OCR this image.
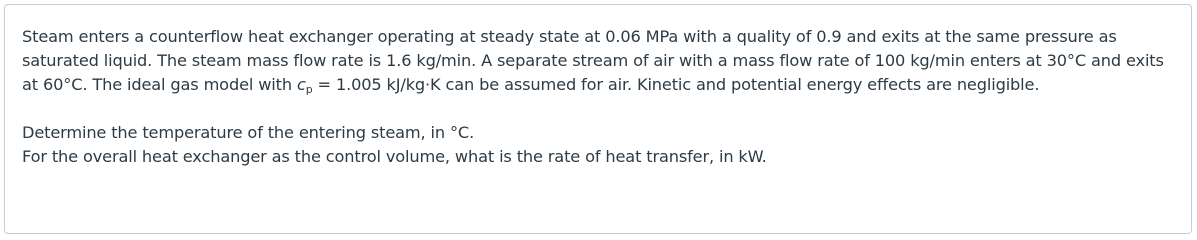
Steam enters a counterflow heat exchanger operating at steady state at 0.06 MPa with a quality of 0.9 and exits at the same pressure as saturated liquid. The steam mass flow rate is 1.6 kg/min. A separate stream of air with a mass flow rate of 100 kg/min enters at 30°C and exits at 60°C. The ideal gas model with $c_p = 1.005$ kJ/kg·K can be assumed for air. Kinetic and potential energy effects are negligible.

Determine the temperature of the entering steam, in °C.

For the overall heat exchanger as the control volume, what is the rate of heat transfer, in kW.
